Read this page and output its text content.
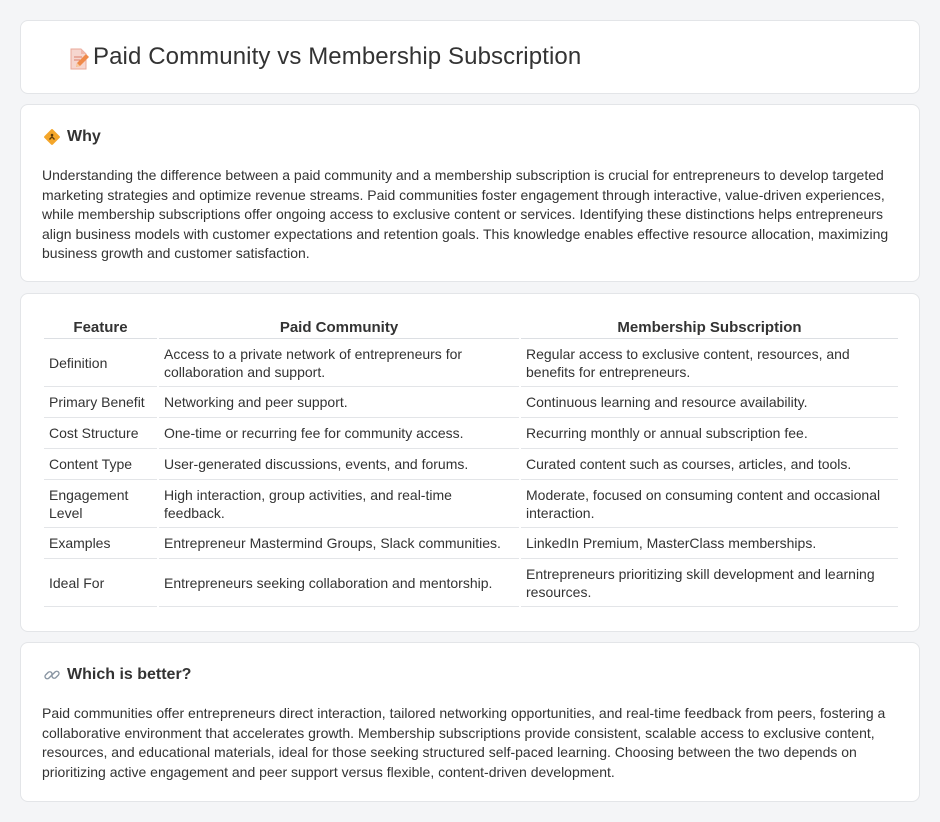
Paid Community vs Membership Subscription
Why

Understanding the difference between a paid community and a membership subscription is crucial for entrepreneurs to develop targeted marketing strategies and optimize revenue streams. Paid communities foster engagement through interactive, value-driven experiences, while membership subscriptions offer ongoing access to exclusive content or services. Identifying these distinctions helps entrepreneurs align business models with customer expectations and retention goals. This knowledge enables effective resource allocation, maximizing business growth and customer satisfaction.

Feature	Paid Community	Membership Subscription
Definition	Access to a private network of entrepreneurs for collaboration and support.	Regular access to exclusive content, resources, and benefits for entrepreneurs.
Primary Benefit	Networking and peer support.	Continuous learning and resource availability.
Cost Structure	One-time or recurring fee for community access.	Recurring monthly or annual subscription fee.
Content Type	User-generated discussions, events, and forums.	Curated content such as courses, articles, and tools.
Engagement Level	High interaction, group activities, and real-time feedback.	Moderate, focused on consuming content and occasional interaction.
Examples	Entrepreneur Mastermind Groups, Slack communities.	LinkedIn Premium, MasterClass memberships.
Ideal For	Entrepreneurs seeking collaboration and mentorship.	Entrepreneurs prioritizing skill development and learning resources.
Which is better?

Paid communities offer entrepreneurs direct interaction, tailored networking opportunities, and real-time feedback from peers, fostering a collaborative environment that accelerates growth. Membership subscriptions provide consistent, scalable access to exclusive content, resources, and educational materials, ideal for those seeking structured self-paced learning. Choosing between the two depends on prioritizing active engagement and peer support versus flexible, content-driven development.
